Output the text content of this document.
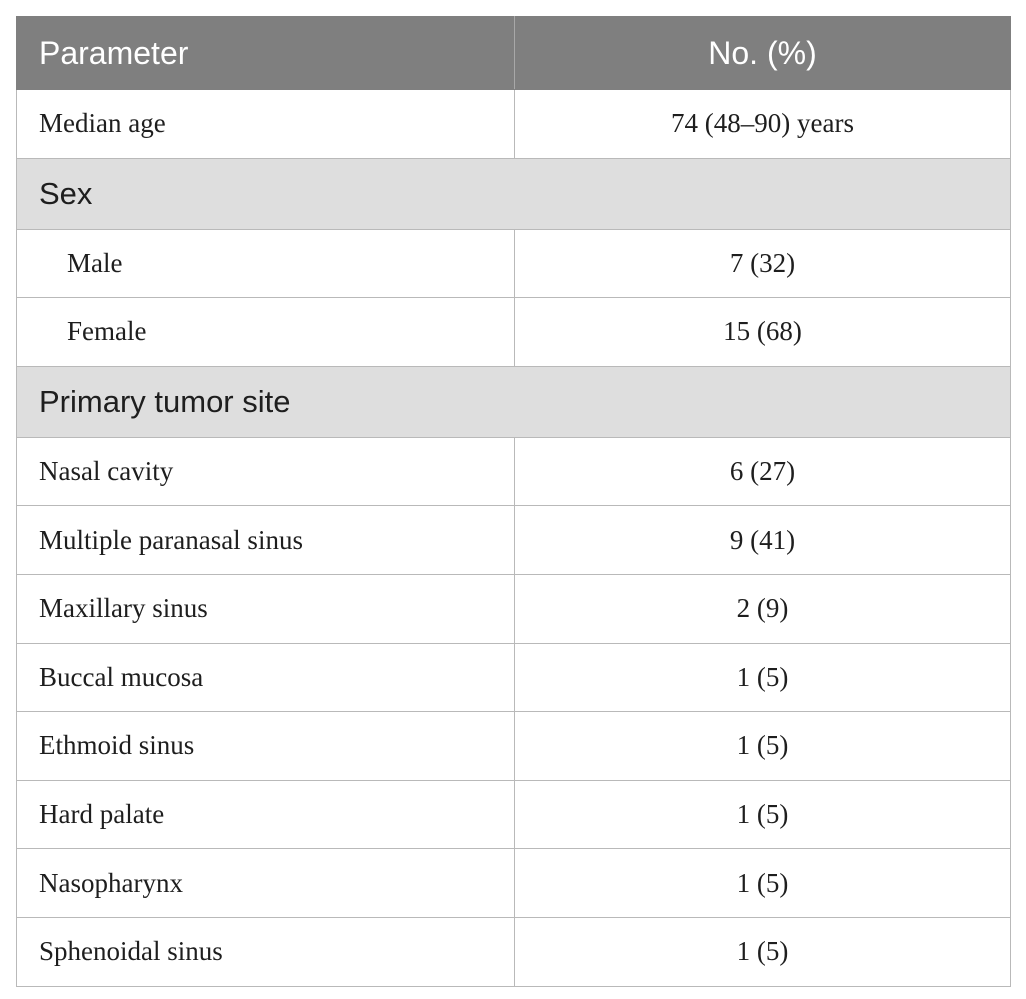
Parameter	No. (%)
Median age	74 (48–90) years
Sex	
Male	7 (32)
Female	15 (68)
Primary tumor site	
Nasal cavity	6 (27)
Multiple paranasal sinus	9 (41)
Maxillary sinus	2 (9)
Buccal mucosa	1 (5)
Ethmoid sinus	1 (5)
Hard palate	1 (5)
Nasopharynx	1 (5)
Sphenoidal sinus	1 (5)
